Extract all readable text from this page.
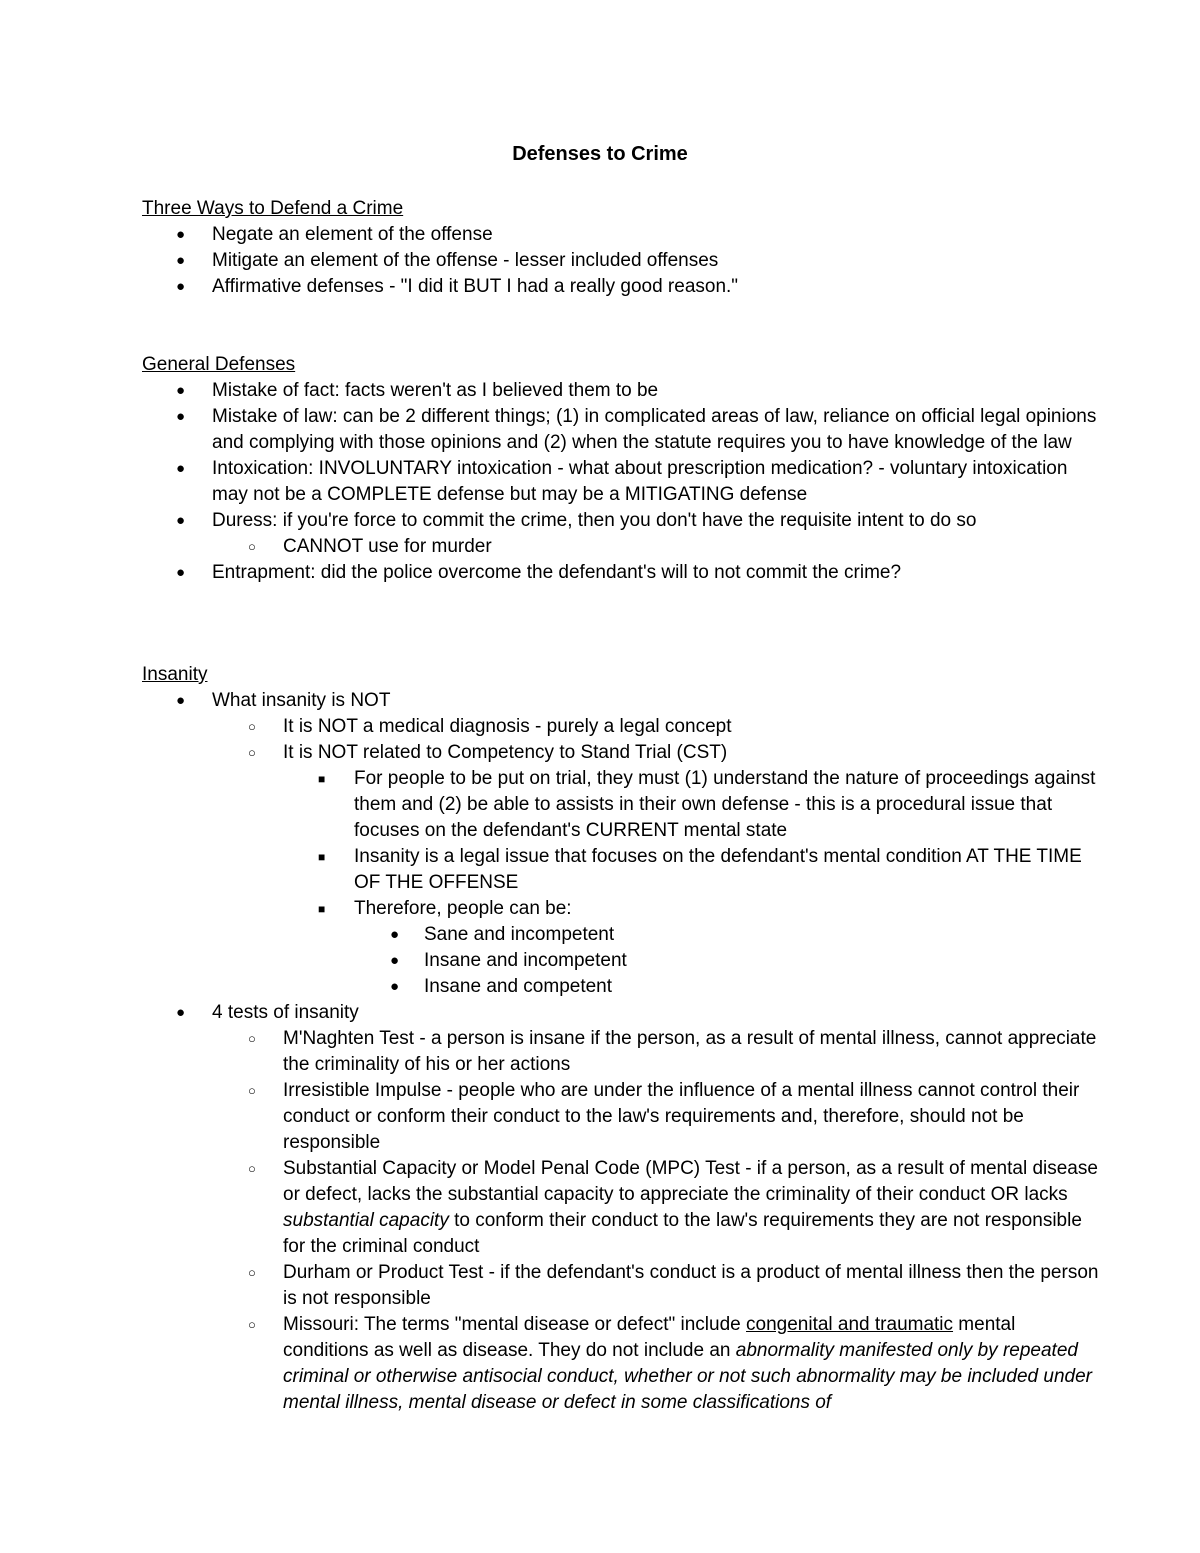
Defenses to Crime
Three Ways to Defend a Crime
● Negate an element of the offense
● Mitigate an element of the offense - lesser included offenses
● Affirmative defenses - "I did it BUT I had a really good reason."
General Defenses
● Mistake of fact: facts weren't as I believed them to be
● Mistake of law: can be 2 different things; (1) in complicated areas of law, reliance on official legal opinions and complying with those opinions and (2) when the statute requires you to have knowledge of the law
● Intoxication: INVOLUNTARY intoxication - what about prescription medication? - voluntary intoxication may not be a COMPLETE defense but may be a MITIGATING defense
● Duress: if you're force to commit the crime, then you don't have the requisite intent to do so
○ CANNOT use for murder
● Entrapment: did the police overcome the defendant's will to not commit the crime?
Insanity
● What insanity is NOT
○ It is NOT a medical diagnosis - purely a legal concept
○ It is NOT related to Competency to Stand Trial (CST)
■ For people to be put on trial, they must (1) understand the nature of proceedings against them and (2) be able to assists in their own defense - this is a procedural issue that focuses on the defendant's CURRENT mental state
■ Insanity is a legal issue that focuses on the defendant's mental condition AT THE TIME OF THE OFFENSE
■ Therefore, people can be:
● Sane and incompetent
● Insane and incompetent
● Insane and competent
● 4 tests of insanity
○ M'Naghten Test - a person is insane if the person, as a result of mental illness, cannot appreciate the criminality of his or her actions
○ Irresistible Impulse - people who are under the influence of a mental illness cannot control their conduct or conform their conduct to the law's requirements and, therefore, should not be responsible
○ Substantial Capacity or Model Penal Code (MPC) Test - if a person, as a result of mental disease or defect, lacks the substantial capacity to appreciate the criminality of their conduct OR lacks substantial capacity to conform their conduct to the law's requirements they are not responsible for the criminal conduct
○ Durham or Product Test - if the defendant's conduct is a product of mental illness then the person is not responsible
○ Missouri: The terms "mental disease or defect" include congenital and traumatic mental conditions as well as disease. They do not include an abnormality manifested only by repeated criminal or otherwise antisocial conduct, whether or not such abnormality may be included under mental illness, mental disease or defect in some classifications of
